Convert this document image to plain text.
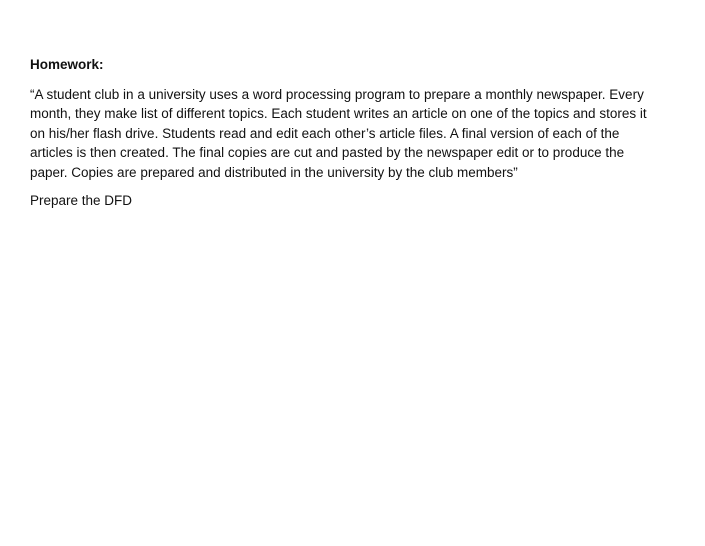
Homework:

“A student club in a university uses a word processing program to prepare a monthly newspaper. Every
month, they make list of different topics. Each student writes an article on one of the topics and stores it
on his/her flash drive. Students read and edit each other’s article files. A final version of each of the
articles is then created. The final copies are cut and pasted by the newspaper edit or to produce the
paper. Copies are prepared and distributed in the university by the club members”

Prepare the DFD
